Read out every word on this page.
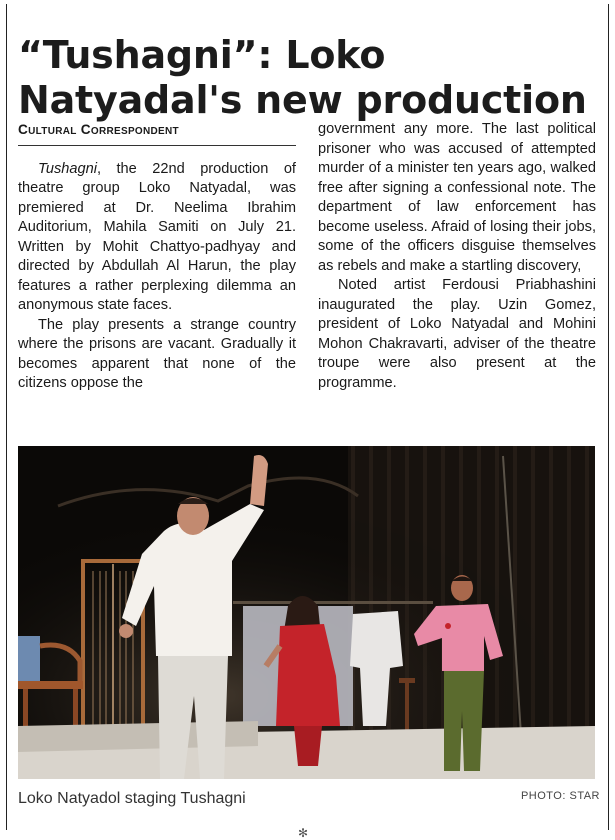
“Tushagni”: Loko Natyadal's new production
Cultural Correspondent

Tushagni, the 22nd production of theatre group Loko Natyadal, was premiered at Dr. Neelima Ibrahim Auditorium, Mahila Samiti on July 21. Written by Mohit Chattyo-padhyay and directed by Abdullah Al Harun, the play features a rather perplexing dilemma an anonymous state faces.

The play presents a strange country where the prisons are vacant. Gradually it becomes apparent that none of the citizens oppose the

government any more. The last political prisoner who was accused of attempted murder of a minister ten years ago, walked free after signing a confessional note. The department of law enforcement has become useless. Afraid of losing their jobs, some of the officers disguise themselves as rebels and make a startling discovery,

Noted artist Ferdousi Priabhashini inaugurated the play. Uzin Gomez, president of Loko Natyadal and Mohini Mohon Chakravarti, adviser of the theatre troupe were also present at the programme.

Loko Natyadol staging Tushagni	PHOTO: STAR
✻
